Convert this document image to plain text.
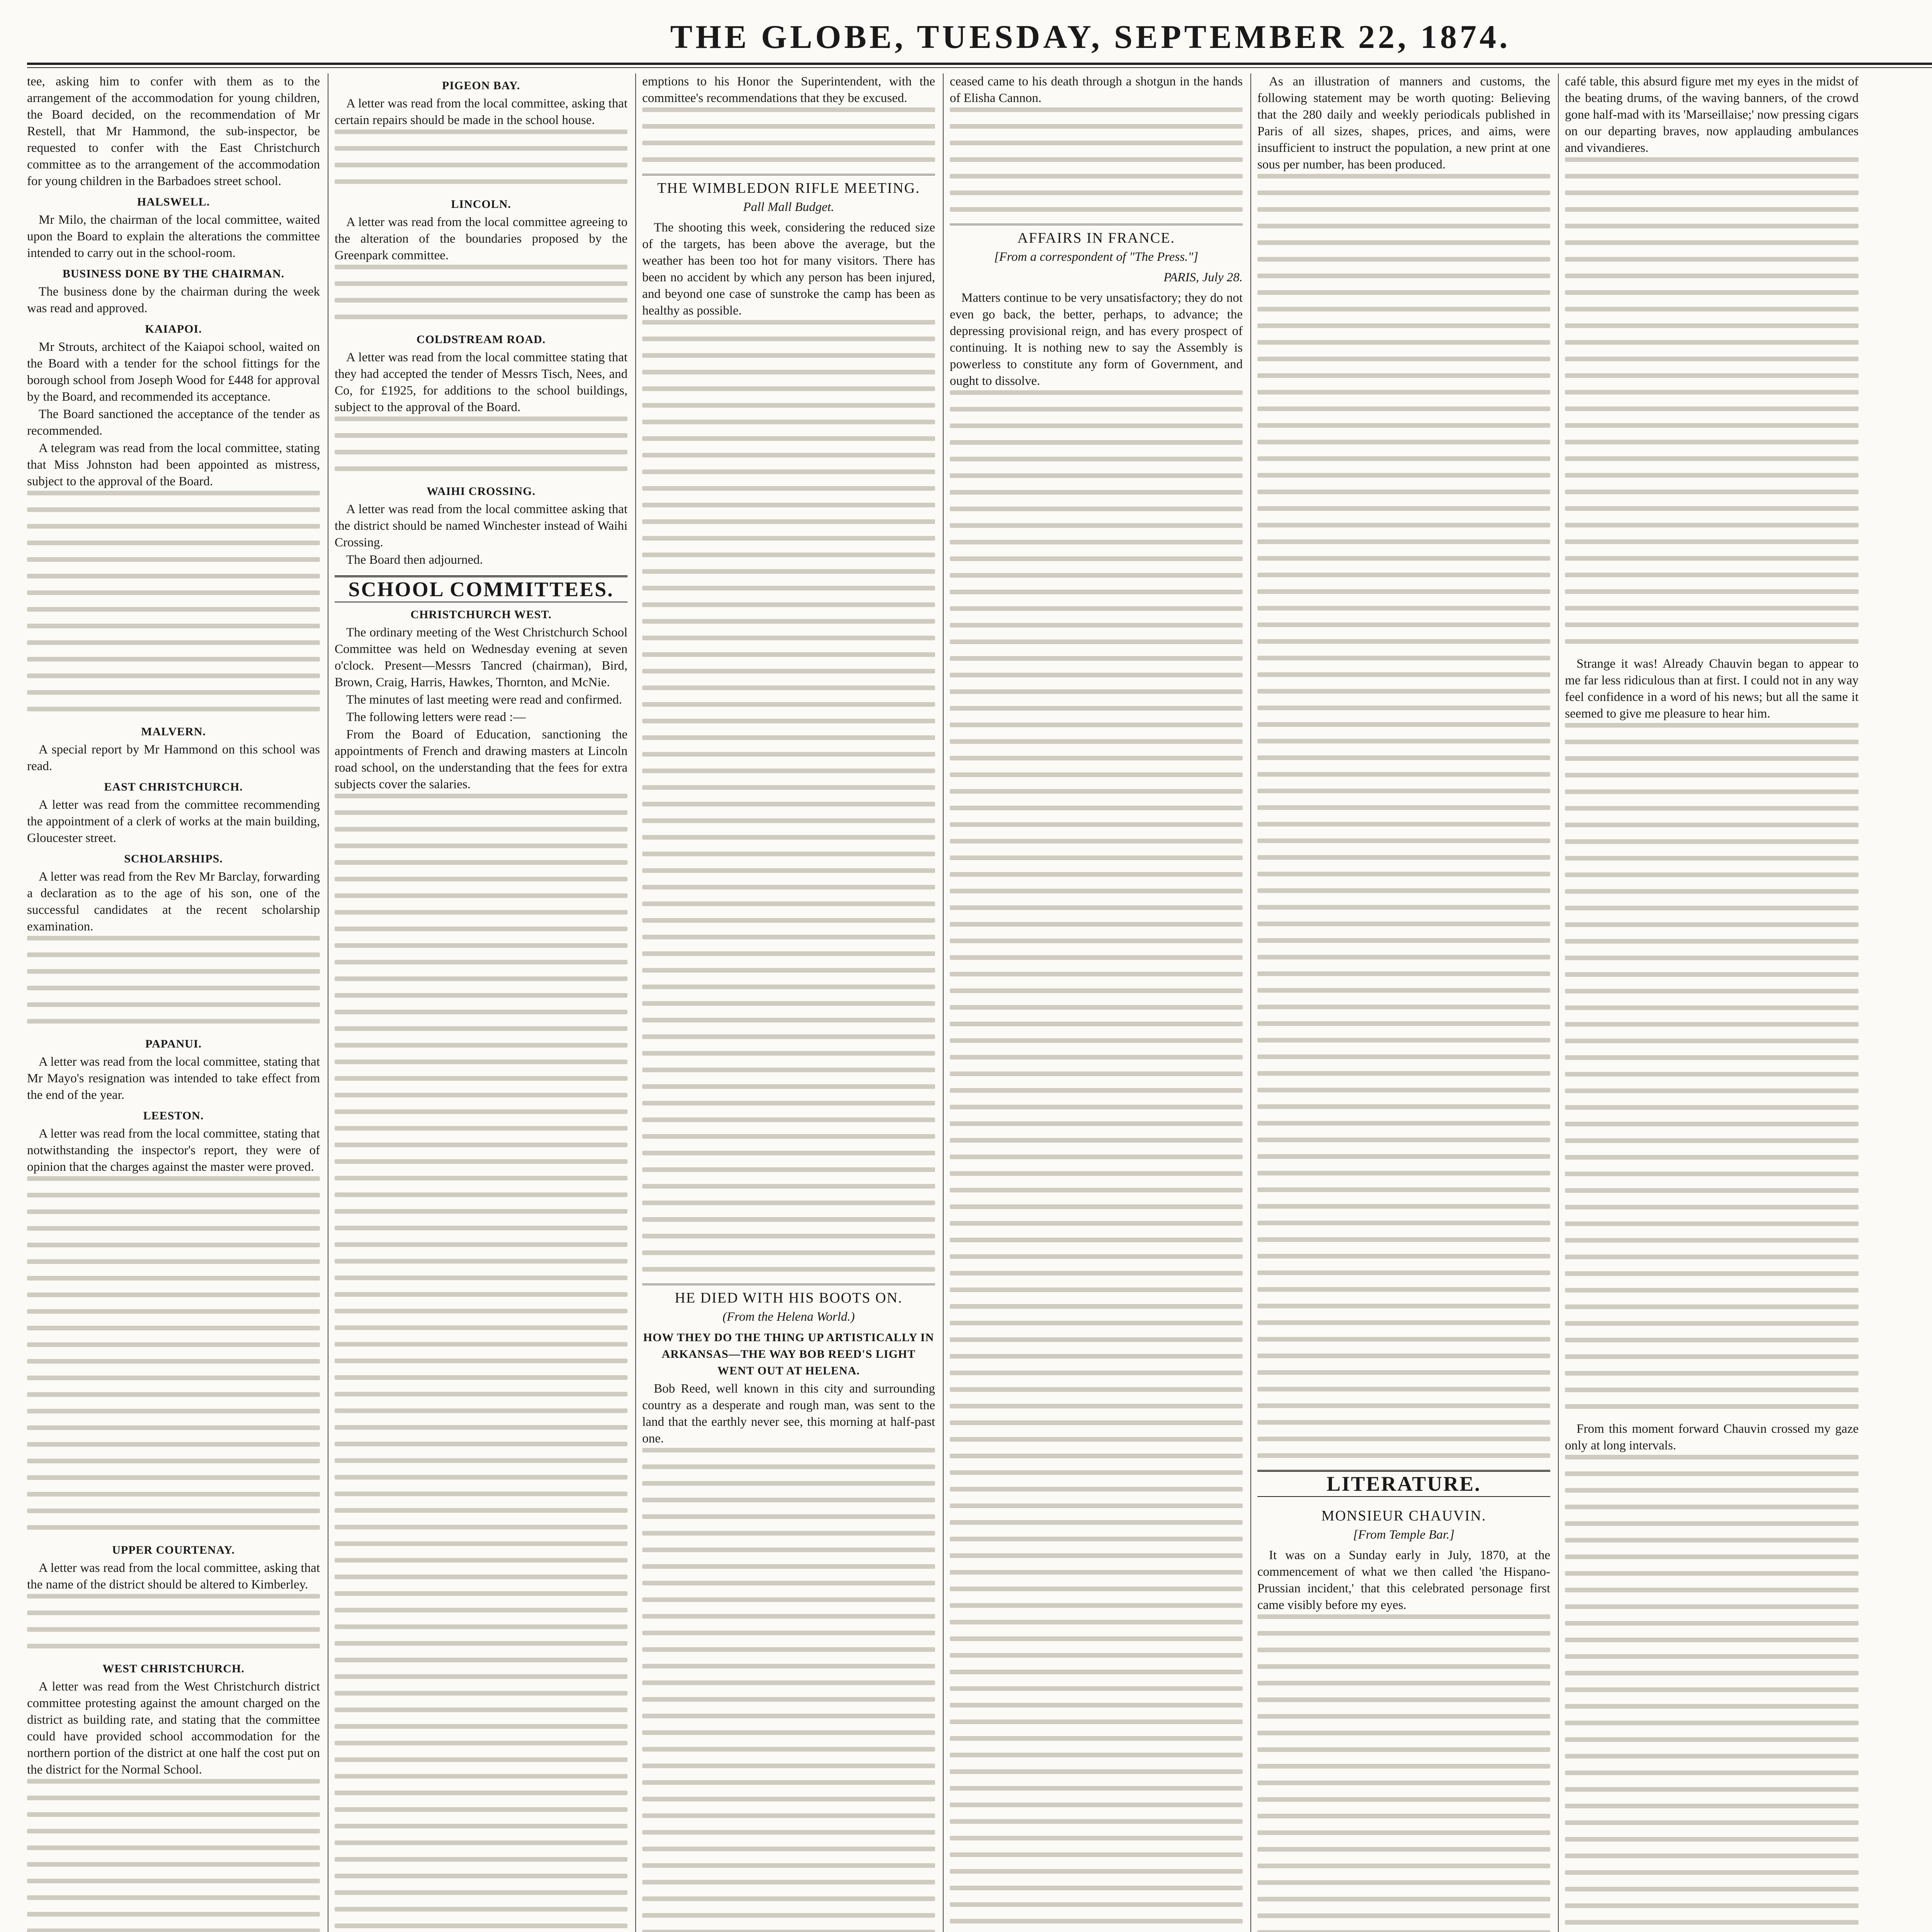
THE GLOBE, TUESDAY, SEPTEMBER 22, 1874.

tee, asking him to confer with them as to the arrangement of the accommodation for young children, the Board decided, on the recommendation of Mr Restell, that Mr Hammond, the sub-inspector, be requested to confer with the East Christchurch committee as to the arrangement of the accommodation for young children in the Barbadoes street school.

HALSWELL.

Mr Milo, the chairman of the local committee, waited upon the Board to explain the alterations the committee intended to carry out in the school-room.

BUSINESS DONE BY THE CHAIRMAN.

The business done by the chairman during the week was read and approved.

KAIAPOI.

Mr Strouts, architect of the Kaiapoi school, waited on the Board with a tender for the school fittings for the borough school from Joseph Wood for £448 for approval by the Board, and recommended its acceptance.

The Board sanctioned the acceptance of the tender as recommended.

A telegram was read from the local committee, stating that Miss Johnston had been appointed as mistress, subject to the approval of the Board.

MALVERN.

A special report by Mr Hammond on this school was read.

EAST CHRISTCHURCH.

A letter was read from the committee recommending the appointment of a clerk of works at the main building, Gloucester street.

SCHOLARSHIPS.

A letter was read from the Rev Mr Barclay, forwarding a declaration as to the age of his son, one of the successful candidates at the recent scholarship examination.

PAPANUI.

A letter was read from the local committee, stating that Mr Mayo's resignation was intended to take effect from the end of the year.

LEESTON.

A letter was read from the local committee, stating that notwithstanding the inspector's report, they were of opinion that the charges against the master were proved.

UPPER COURTENAY.

A letter was read from the local committee, asking that the name of the district should be altered to Kimberley.

WEST CHRISTCHURCH.

A letter was read from the West Christchurch district committee protesting against the amount charged on the district as building rate, and stating that the committee could have provided school accommodation for the northern portion of the district at one half the cost put on the district for the Normal School.

PIGEON BAY.

A letter was read from the local committee, asking that certain repairs should be made in the school house.

LINCOLN.

A letter was read from the local committee agreeing to the alteration of the boundaries proposed by the Greenpark committee.

COLDSTREAM ROAD.

A letter was read from the local committee stating that they had accepted the tender of Messrs Tisch, Nees, and Co, for £1925, for additions to the school buildings, subject to the approval of the Board.

WAIHI CROSSING.

A letter was read from the local committee asking that the district should be named Winchester instead of Waihi Crossing.

The Board then adjourned.

SCHOOL COMMITTEES.
CHRISTCHURCH WEST.

The ordinary meeting of the West Christchurch School Committee was held on Wednesday evening at seven o'clock. Present—Messrs Tancred (chairman), Bird, Brown, Craig, Harris, Hawkes, Thornton, and McNie.

The minutes of last meeting were read and confirmed.

The following letters were read :—

From the Board of Education, sanctioning the appointments of French and drawing masters at Lincoln road school, on the understanding that the fees for extra subjects cover the salaries.

emptions to his Honor the Superintendent, with the committee's recommendations that they be excused.

THE WIMBLEDON RIFLE MEETING.
Pall Mall Budget.

The shooting this week, considering the reduced size of the targets, has been above the average, but the weather has been too hot for many visitors. There has been no accident by which any person has been injured, and beyond one case of sunstroke the camp has been as healthy as possible.

HE DIED WITH HIS BOOTS ON.
(From the Helena World.)
HOW THEY DO THE THING UP ARTISTICALLY IN ARKANSAS—THE WAY BOB REED'S LIGHT WENT OUT AT HELENA.

Bob Reed, well known in this city and surrounding country as a desperate and rough man, was sent to the land that the earthly never see, this morning at half-past one.

ceased came to his death through a shotgun in the hands of Elisha Cannon.

AFFAIRS IN FRANCE.
[From a correspondent of "The Press."]
PARIS, July 28.

Matters continue to be very unsatisfactory; they do not even go back, the better, perhaps, to advance; the depressing provisional reign, and has every prospect of continuing. It is nothing new to say the Assembly is powerless to constitute any form of Government, and ought to dissolve.

As an illustration of manners and customs, the following statement may be worth quoting: Believing that the 280 daily and weekly periodicals published in Paris of all sizes, shapes, prices, and aims, were insufficient to instruct the population, a new print at one sous per number, has been produced.

LITERATURE.
MONSIEUR CHAUVIN.
[From Temple Bar.]

It was on a Sunday early in July, 1870, at the commencement of what we then called 'the Hispano-Prussian incident,' that this celebrated personage first came visibly before my eyes.

café table, this absurd figure met my eyes in the midst of the beating drums, of the waving banners, of the crowd gone half-mad with its 'Marseillaise;' now pressing cigars on our departing braves, now applauding ambulances and vivandieres.

Strange it was! Already Chauvin began to appear to me far less ridiculous than at first. I could not in any way feel confidence in a word of his news; but all the same it seemed to give me pleasure to hear him.

From this moment forward Chauvin crossed my gaze only at long intervals.
